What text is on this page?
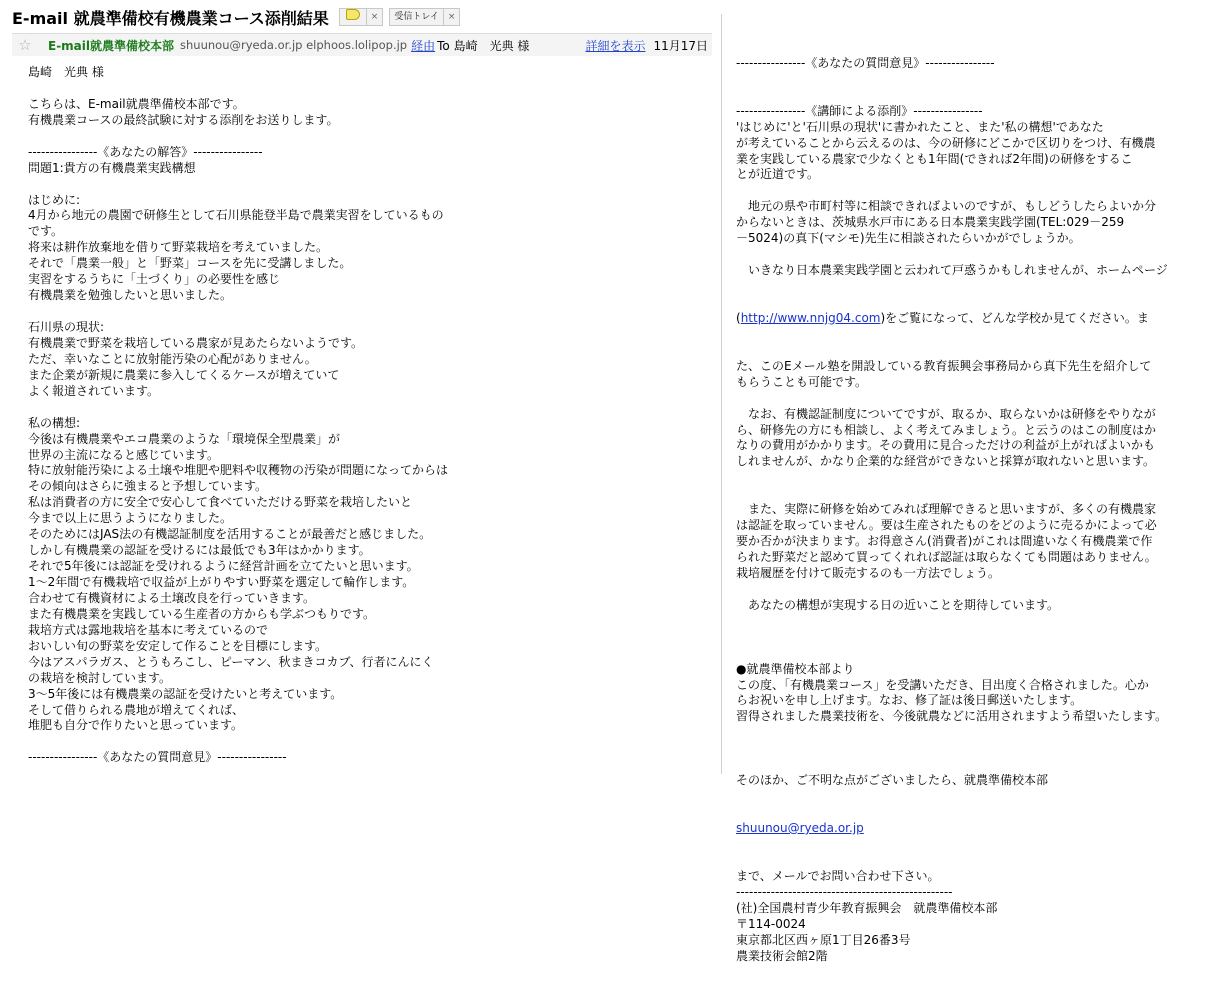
E-mail 就農準備校有機農業コース添削結果	×	受信トレイ	×
☆	E-mail就農準備校本部 shuunou@ryeda.or.jp elphoos.lolipop.jp 経由 To 島崎　光典 様	詳細を表示 11月17日
島崎　光典 様
こちらは、E-mail就農準備校本部です。
有機農業コースの最終試験に対する添削をお送りします。
----------------《あなたの解答》----------------
問題1:貴方の有機農業実践構想
はじめに:
4月から地元の農園で研修生として石川県能登半島で農業実習をしているもの
です。
将来は耕作放棄地を借りて野菜栽培を考えていました。
それで「農業一般」と「野菜」コースを先に受講しました。
実習をするうちに「土づくり」の必要性を感じ
有機農業を勉強したいと思いました。
石川県の現状:
有機農業で野菜を栽培している農家が見あたらないようです。
ただ、幸いなことに放射能汚染の心配がありません。
また企業が新規に農業に参入してくるケースが増えていて
よく報道されています。
私の構想:
今後は有機農業やエコ農業のような「環境保全型農業」が
世界の主流になると感じています。
特に放射能汚染による土壌や堆肥や肥料や収穫物の汚染が問題になってからは
その傾向はさらに強まると予想しています。
私は消費者の方に安全で安心して食べていただける野菜を栽培したいと
今まで以上に思うようになりました。
そのためにはJAS法の有機認証制度を活用することが最善だと感じました。
しかし有機農業の認証を受けるには最低でも3年はかかります。
それで5年後には認証を受けれるように経営計画を立てたいと思います。
1～2年間で有機栽培で収益が上がりやすい野菜を選定して輪作します。
合わせて有機資材による土壌改良を行っていきます。
また有機農業を実践している生産者の方からも学ぶつもりです。
栽培方式は露地栽培を基本に考えているので
おいしい旬の野菜を安定して作ることを目標にします。
今はアスパラガス、とうもろこし、ピーマン、秋まきコカブ、行者にんにく
の栽培を検討しています。
3～5年後には有機農業の認証を受けたいと考えています。
そして借りられる農地が増えてくれば、
堆肥も自分で作りたいと思っています。
----------------《あなたの質問意見》----------------

----------------《あなたの質問意見》----------------
----------------《講師による添削》----------------
'はじめに'と'石川県の現状'に書かれたこと、また'私の構想'であなた
が考えていることから云えるのは、今の研修にどこかで区切りをつけ、有機農
業を実践している農家で少なくとも1年間(できれば2年間)の研修をするこ
とが近道です。
　地元の県や市町村等に相談できればよいのですが、もしどうしたらよいか分
からないときは、茨城県水戸市にある日本農業実践学園(TEL:029－259
－5024)の真下(マシモ)先生に相談されたらいかがでしょうか。
　いきなり日本農業実践学園と云われて戸惑うかもしれませんが、ホームページ

(http://www.nnjg04.com)をご覧になって、どんな学校か見てください。ま

た、このEメール塾を開設している教育振興会事務局から真下先生を紹介して
もらうことも可能です。
　なお、有機認証制度についてですが、取るか、取らないかは研修をやりなが
ら、研修先の方にも相談し、よく考えてみましょう。と云うのはこの制度はか
なりの費用がかかります。その費用に見合っただけの利益が上がればよいかも
しれませんが、かなり企業的な経営ができないと採算が取れないと思います。
　また、実際に研修を始めてみれば理解できると思いますが、多くの有機農家
は認証を取っていません。要は生産されたものをどのように売るかによって必
要か否かが決まります。お得意さん(消費者)がこれは間違いなく有機農業で作
られた野菜だと認めて買ってくれれば認証は取らなくても問題はありません。
栽培履歴を付けて販売するのも一方法でしょう。
　あなたの構想が実現する日の近いことを期待しています。
●就農準備校本部より
この度、「有機農業コース」を受講いただき、目出度く合格されました。心か
らお祝いを申し上げます。なお、修了証は後日郵送いたします。
習得されました農業技術を、今後就農などに活用されますよう希望いたします。
そのほか、ご不明な点がございましたら、就農準備校本部

shuunou@ryeda.or.jp

まで、メールでお問い合わせ下さい。
--------------------------------------------------
(社)全国農村青少年教育振興会　就農準備校本部
〒114-0024
東京都北区西ヶ原1丁目26番3号
農業技術会館2階
